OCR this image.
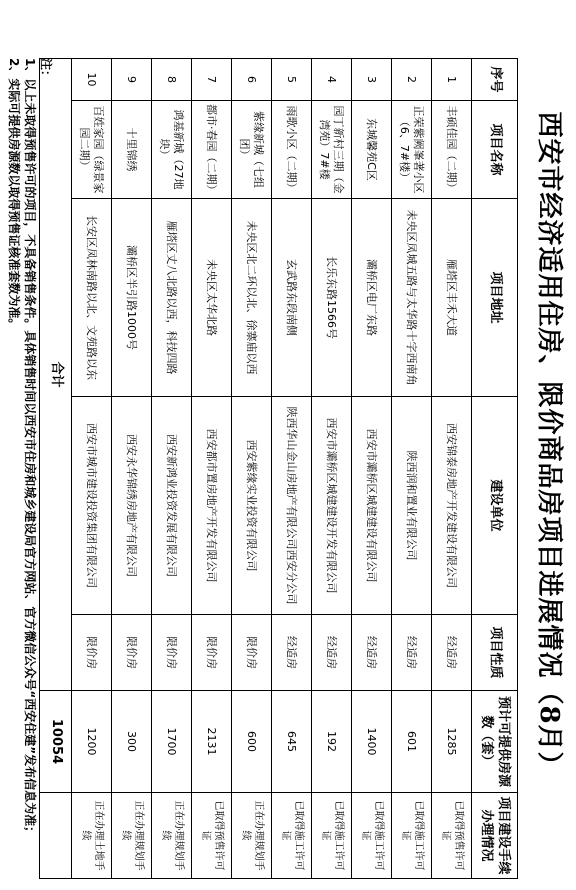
西安市经济适用住房、限价商品房项目进展情况（8月）
序号	项目名称	项目地址	建设单位	项目性质	预计可提供房源数（套）	项目建设手续办理情况
1	丰硕佳园（二期）	雁塔区丰禾大道	西安锦泰房地产开发建设有限公司	经适房	1285	已取得预售许可证
2	正荣紫阙峯著小区（6、7#楼）	未央区凤城五路与太华路十字西南角	陕西润和置业有限公司	经适房	601	已取得施工许可证
3	东城馨苑C区	灞桥区电厂东路	西安市灞桥区城建建设有限公司	经适房	1400	已取得施工许可证
4	园丁新村三期（金湾苑）7#楼	长乐东路1566号	西安市灞桥区城建建设开发有限公司	经适房	192	已取得施工许可证
5	雨歌小区（二期）	玄武路东段南侧	陕西华山金山房地产有限公司西安分公司	经适房	645	已取得施工许可证
6	紫缘新城（七组团）	未央区北二环以北、徐寨庙以西	西安紫缘实业投资有限公司	限价房	600	正在办理规划手续
7	都市·春园（二期）	未央区太华北路	西安都市置房地产开发有限公司	限价房	2131	已取得预售许可证
8	鸿基新城（27地块）	雁塔区丈八北路以西，科技四路	西安新鸿业投资发展有限公司	限价房	1700	正在办理规划手续
9	十里锦绣	灞桥区半引路1000号	西安永华锦绣房地产有限公司	限价房	300	正在办理规划手续
10	百姓家园（绿景家园二期）	长安区凤林南路以北、文苑路以东	西安市城市建设投资集团有限公司	限价房	1200	正在办理土地手续
合计					10054	
注：
1、以上未取得预售许可的项目，不具备销售条件。具体销售时间以西安市住房和城乡建设局官方网站、官方微信公众号“西安住建”发布信息为准；
2、实际可提供房源数以取得预售证核准套数为准。
